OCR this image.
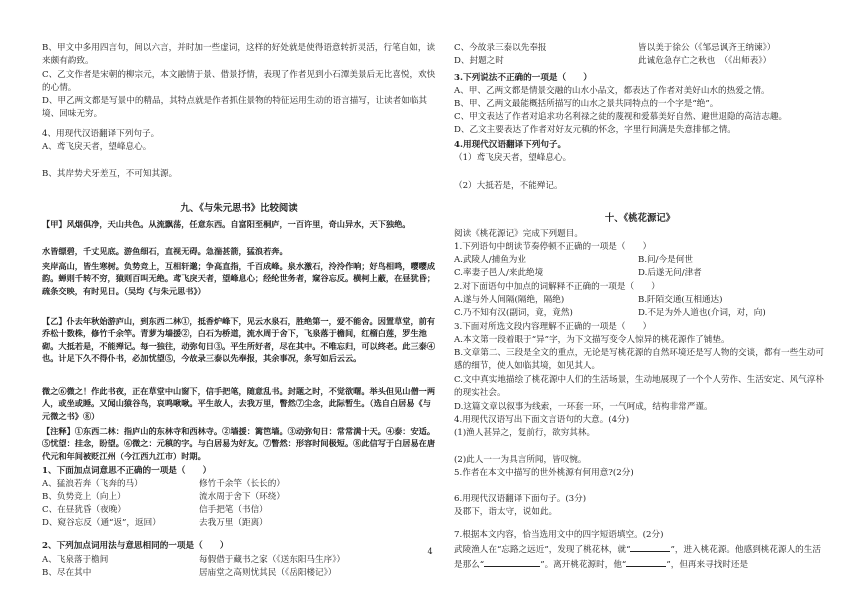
B、甲文中多用四言句，间以六言，并时加一些虚词，这样的好处就是使得语意转折灵活，行笔自如，读来颇有韵致。

C、乙文作者是宋朝的柳宗元，本文融情于景、借景抒情，表现了作者见到小石潭美景后无比喜悦，欢快的心情。

D、甲乙两文都是写景中的精品，其特点就是作者抓住景物的特征运用生动的语言描写，让读者如临其境、回味无穷。

4、用现代汉语翻译下列句子。

A、鸢飞戾天者，望峰息心。

B、其岸势犬牙差互，不可知其源。

九、《与朱元思书》比较阅读

【甲】风烟俱净，天山共色。从流飘荡，任意东西。自富阳至桐庐，一百许里，奇山异水，天下独绝。

水皆缥碧，千丈见底。游鱼细石，直视无碍。急湍甚箭，猛浪若奔。

夹岸高山，皆生寒树。负势竞上，互相轩邈；争高直指，千百成峰。泉水激石，泠泠作响；好鸟相鸣，嘤嘤成韵。蝉则千转不穷，猿则百叫无绝。鸢飞戾天者，望峰息心；经纶世务者，窥谷忘反。横柯上蔽，在昼犹昏；疏条交映，有时见日。（吴均《与朱元思书》）

【乙】仆去年秋始游庐山，到东西二林①，抵香炉峰下，见云水泉石，胜绝第一，爱不能舍。因置草堂，前有乔松十数株，修竹千余竿。青萝为墙援②，白石为桥道，流水周于舍下，飞泉落于檐间，红榴白莲，罗生池砌。大抵若是，不能殚记。每一独往，动弥旬日③。平生所好者，尽在其中。不唯忘归，可以终老。此三泰④也。计足下久不得仆书，必加忧望⑤，今故录三泰以先奉报，其余事况，条写如后云云。

微之⑥微之！作此书夜，正在草堂中山窗下，信手把笔，随意乱书。封题之时，不觉欲曙。举头但见山僧一两人，或坐或睡。又闻山猿谷鸟，哀鸣啾啾。平生故人，去我万里，瞥然⑦尘念，此际暂生。（选自白居易《与元微之书》⑧）

【注释】①东西二林：指庐山的东林寺和西林寺。②墙援：篱笆墙。③动弥旬日：常常满十天。④泰：安适。⑤忧望：挂念，盼望。⑥微之：元稹的字。与白居易为好友。⑦瞥然：形容时间极短。⑧此信写于白居易在唐代元和年间被贬江州（今江西九江市）时期。

1、下面加点词意思不正确的一项是（　　）

A、猛浪若奔（飞奔的马）	修竹千余竿（长长的）
B、负势竞上（向上）	流水周于舍下（环绕）
C、在昼犹昏（夜晚）	信手把笔（书信）
D、窥谷忘反（通“返”，返回）	去我万里（距离）

2、下列加点词用法与意思相同的一项是（　　）

A、飞泉落于檐间	每假借于藏书之家（《送东阳马生序》）
B、尽在其中	居庙堂之高则忧其民（《岳阳楼记》）
C、今故录三泰以先奉报	皆以美于徐公（《邹忌讽齐王纳谏》）
D、封题之时	此诚危急存亡之秋也　（《出师表》）

3.下列说法不正确的一项是（　　）

A、甲、乙两文都是情景交融的山水小品文，都表达了作者对美好山水的热爱之情。

B、甲、乙两文最能概括所描写的山水之景共同特点的一个字是“绝”。

C、甲文表达了作者对追求功名利禄之徒的蔑视和爱慕美好自然、避世退隐的高洁志趣。

D、乙文主要表达了作者对好友元稹的怀念，字里行间满是失意排郁之情。

4.用现代汉语翻译下列句子。

（1）鸢飞戾天者，望峰息心。

（2）大抵若是，不能殚记。

十、《桃花源记》

阅读《桃花源记》完成下列题目。

1.下列语句中朗读节奏停顿不正确的一项是（　　）

A.武陵人/捕鱼为业	B.问/今是何世
C.率妻子邑人/来此绝境	D.后遂无问/津者

2.对下面语句中加点的词解释不正确的一项是（　　）

A.遂与外人间隔(隔绝，隔绝)	B.阡陌交通(互相通达)
C.乃不知有汉(副词，竟，竟然)	D.不足为外人道也(介词，对，向)

3.下面对所选文段内容理解不正确的一项是（　　）

A.本文第一段着眼于“异”字，为下文描写变令人惊异的桃花源作了铺垫。

B.文章第二、三段是全文的重点，无论是写桃花源的自然环境还是写人物的交谈，都有一些生动可感的细节，使人如临其境，如见其人。

C.文中真实地描绘了桃花源中人们的生活场景，生动地展现了一个个人劳作、生活安定、风气淳朴的现实社会。

D.这篇文章以叙事为线索，一环套一环，一气呵成，结构非常严谨。

4.用现代汉语写出下面文言语句的大意。(4分)

(1)渔人甚异之，复前行，欲穷其林。

(2)此人一一为具言所闻，皆叹惋。

5.作者在本文中描写的世外桃源有何用意?(2分)

6.用现代汉语翻译下面句子。(3分)

及郡下，诣太守，说如此。

7.根据本文内容，恰当选用文中的四字短语填空。(2分)

武陵渔人在“忘路之远近”，发现了桃花林，就“	”，进入桃花源。他感到桃花源人的生活是那么“	”。离开桃花源时，他“	”，但再来寻找时还是

4
